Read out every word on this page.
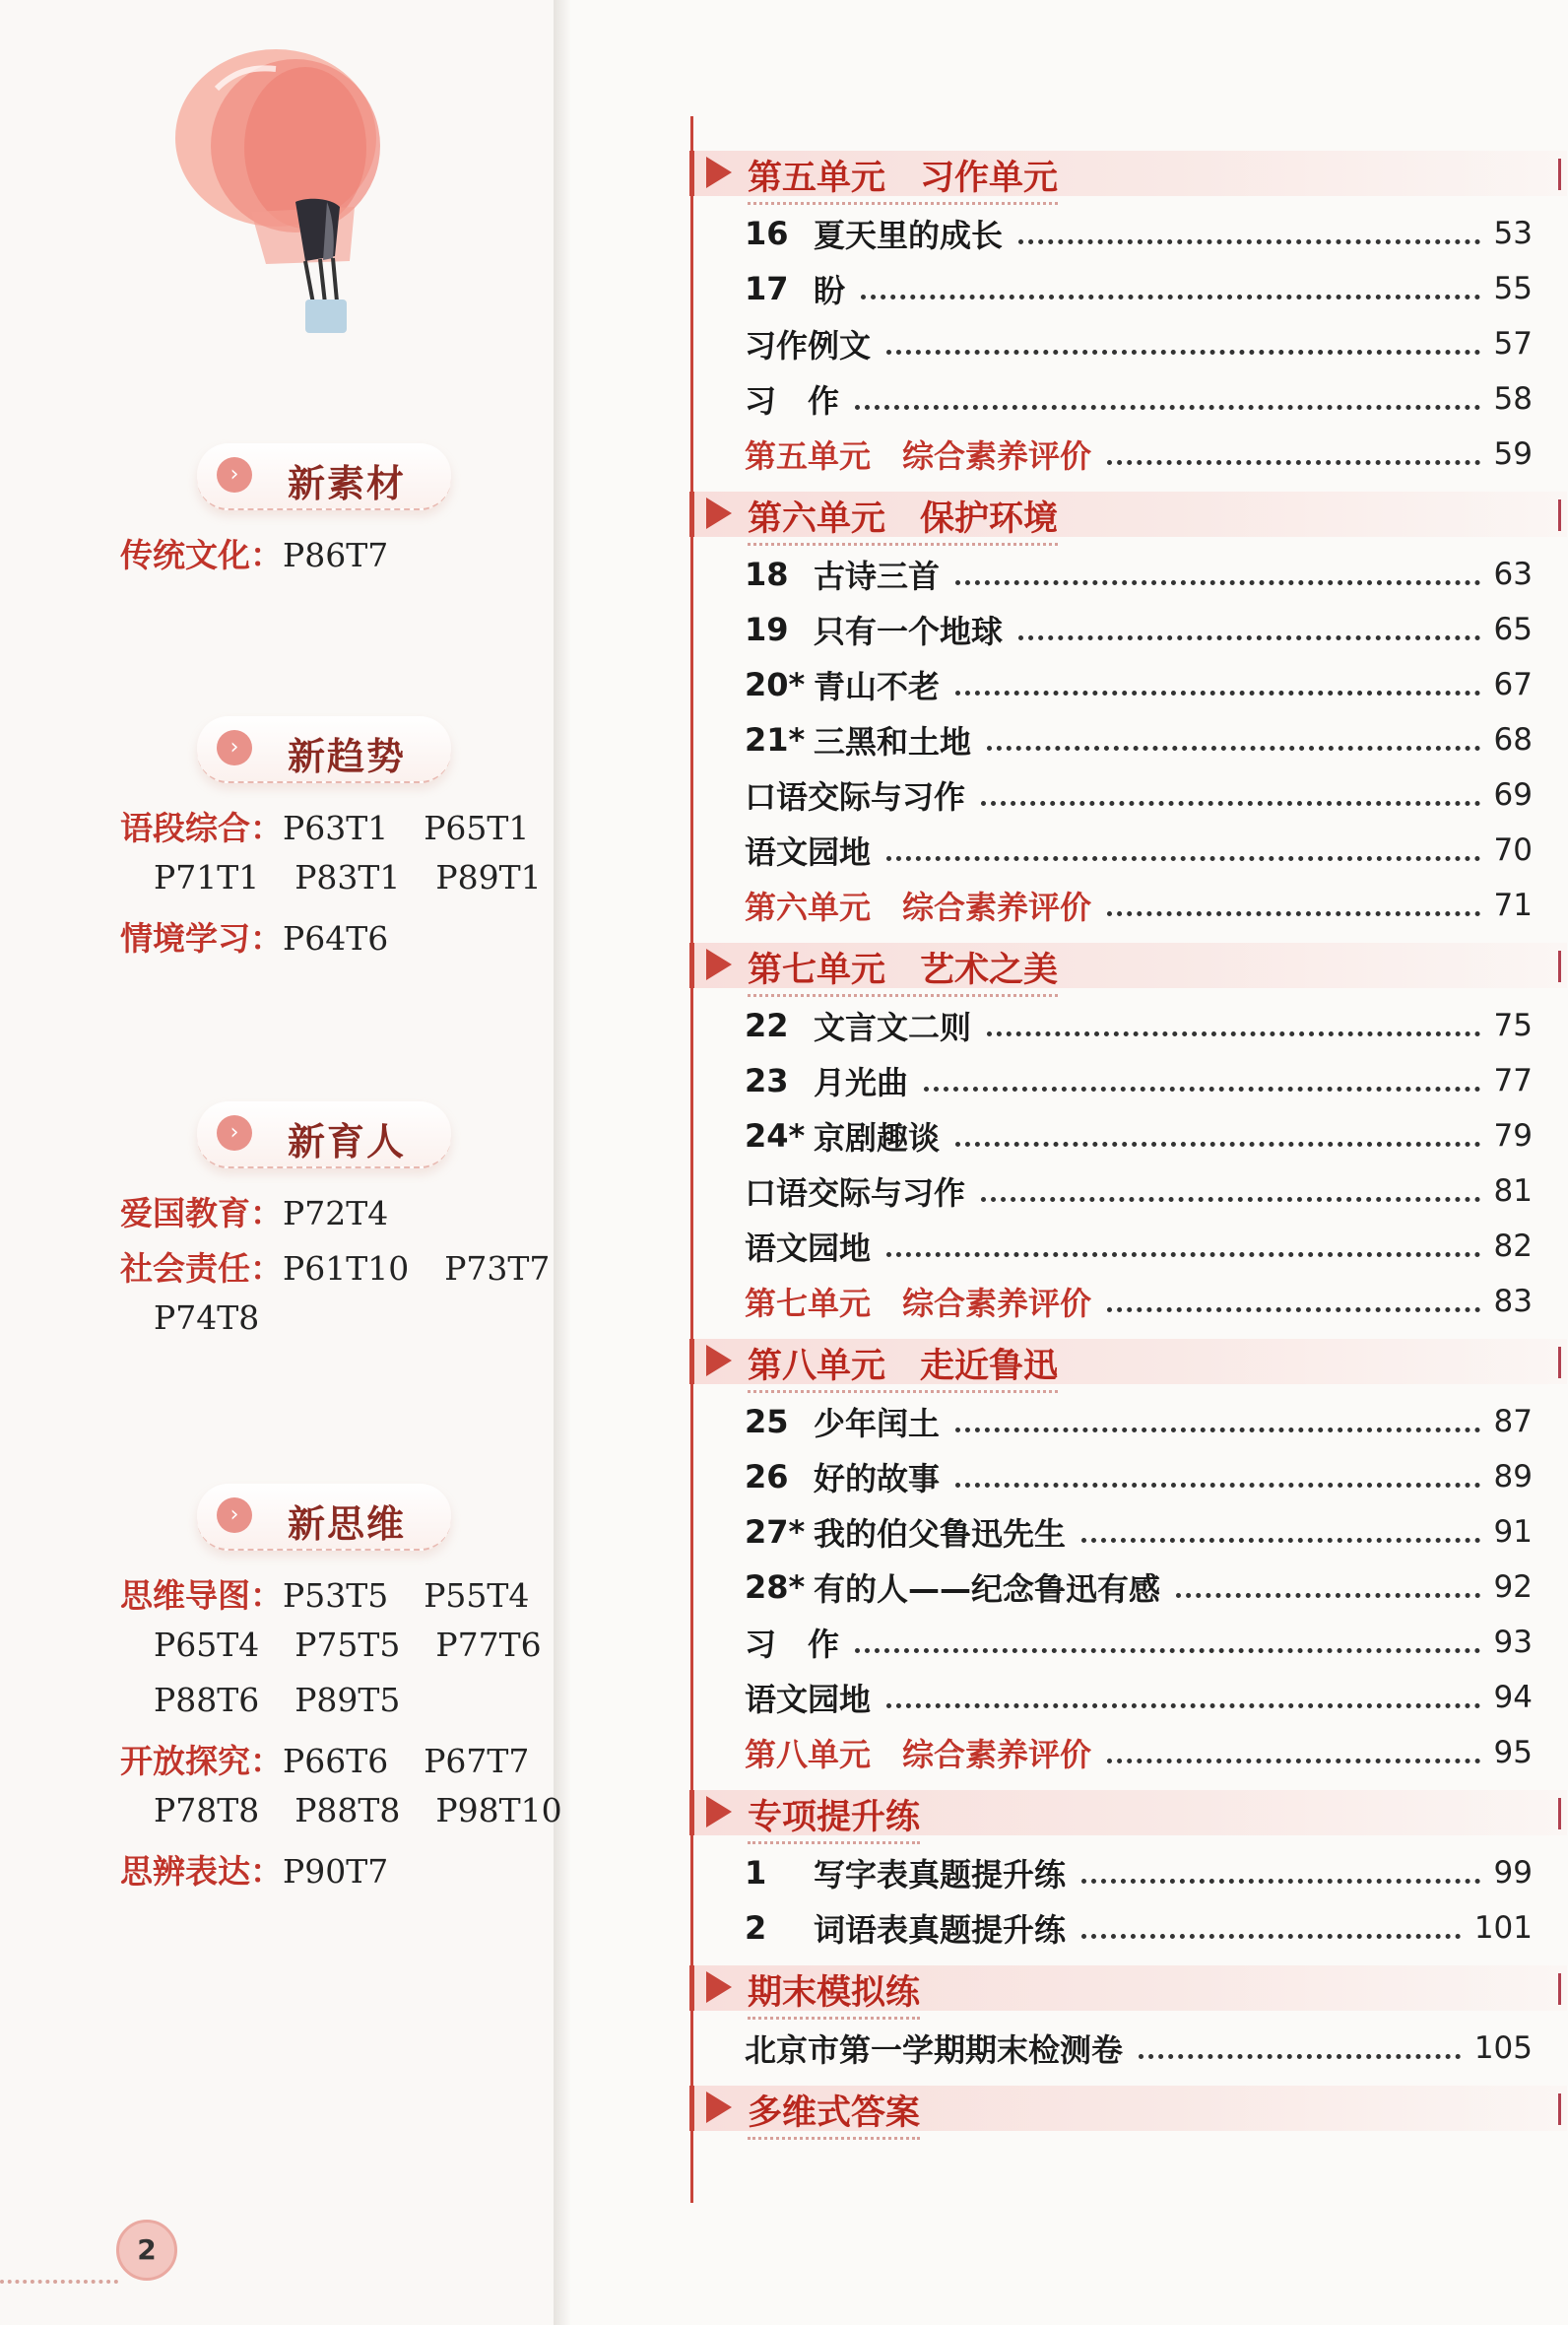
›	新素材
传统文化：P86T7
›	新趋势
语段综合：P63T1 P65T1
P71T1 P83T1 P89T1
情境学习：P64T6
›	新育人
爱国教育：P72T4
社会责任：P61T10 P73T7
P74T8
›	新思维
思维导图：P53T5 P55T4
P65T4 P75T5 P77T6
P88T6 P89T5
开放探究：P66T6 P67T7
P78T8 P88T8 P98T10
思辨表达：P90T7
2
第五单元　习作单元
16 夏天里的成长	53
17 盼	55
习作例文	57
习　作	58
第五单元　综合素养评价	59
第六单元　保护环境
18 古诗三首	63
19 只有一个地球	65
20* 青山不老	67
21* 三黑和土地	68
口语交际与习作	69
语文园地	70
第六单元　综合素养评价	71
第七单元　艺术之美
22 文言文二则	75
23 月光曲	77
24* 京剧趣谈	79
口语交际与习作	81
语文园地	82
第七单元　综合素养评价	83
第八单元　走近鲁迅
25 少年闰土	87
26 好的故事	89
27* 我的伯父鲁迅先生	91
28* 有的人——纪念鲁迅有感	92
习　作	93
语文园地	94
第八单元　综合素养评价	95
专项提升练
1	写字表真题提升练	99
2	词语表真题提升练	101
期末模拟练
北京市第一学期期末检测卷	105
多维式答案
